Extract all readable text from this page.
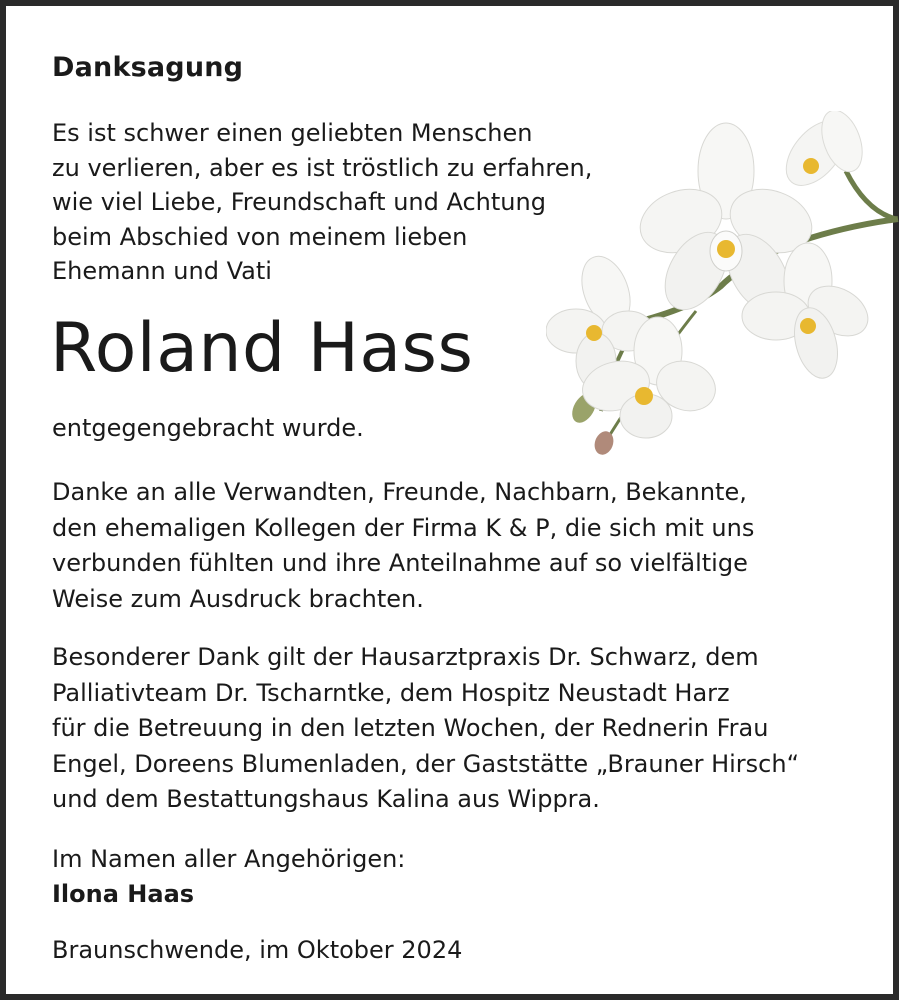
Danksagung
Es ist schwer einen geliebten Menschen
zu verlieren, aber es ist tröstlich zu erfahren,
wie viel Liebe, Freundschaft und Achtung
beim Abschied von meinem lieben
Ehemann und Vati
Roland Hass
entgegengebracht wurde.
Danke an alle Verwandten, Freunde, Nachbarn, Bekannte,
den ehemaligen Kollegen der Firma K & P, die sich mit uns
verbunden fühlten und ihre Anteilnahme auf so vielfältige
Weise zum Ausdruck brachten.
Besonderer Dank gilt der Hausarztpraxis Dr. Schwarz, dem
Palliativteam Dr. Tscharntke, dem Hospitz Neustadt Harz
für die Betreuung in den letzten Wochen, der Rednerin Frau
Engel, Doreens Blumenladen, der Gaststätte „Brauner Hirsch“
und dem Bestattungshaus Kalina aus Wippra.
Im Namen aller Angehörigen:
Ilona Haas
Braunschwende, im Oktober 2024
